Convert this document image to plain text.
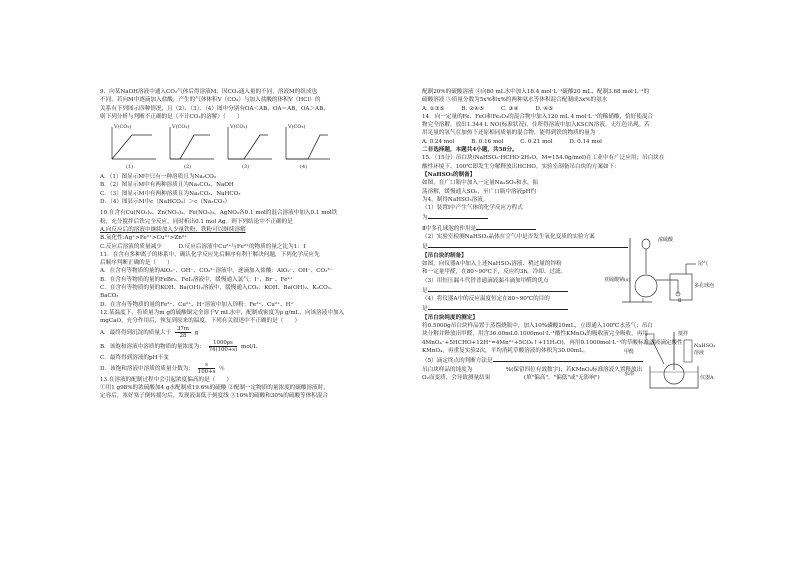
9．向某NaOH溶液中通入CO₂气体后得溶液M，因CO₂通入量的不同，溶液M的组成也
不同，若向M中逐滴加入盐酸，产生的气体体积V（CO₂）与加入盐酸的体积V（HCl）的
关系有下列图示四种情况，且（2）、（3）、（4）图中分别有OA＜AB，OA＝AB，OA＞AB，
则下列分析与判断不正确的是（不计CO₂的溶解）（　　）
V(CO₂)
(1)
V(CO₂)
(2)
V(CO₂)
(3)
V(CO₂)
(4)
A．（1）图显示M中只有一种溶质且为Na₂CO₃
B．（2）图显示M中有两种溶质且为Na₂CO₃、NaOH
C．（3）图显示M中有两种溶质且为Na₂CO₃、NaHCO₃
D．（4）图显示M中c（NaHCO₃）＞c（Na₂CO₃）
10.在含有Cu(NO₃)₂、Zn(NO₃)₂、Fe(NO₃)₃、AgNO₃各0.1 mol的混合溶液中加入0.1 mol铁
粉，充分搅拌后铁完全反应，同时析出0.1 mol Ag。则下列结论中不正确的是
A.向反应后的溶液中继续加入少量铁粉，铁粉可以继续溶解
B.氧化性:Ag⁺>Fe³⁺>Cu²⁺>Zn²⁺
C.反应后溶液的质量减少　　　D.反应后溶液中Cu²⁺与Fe²⁺的物质的量之比为1：1
11．在含有多种离子的体系中，确认化学反应先后顺序有利于解决问题，下列化学反应先
后顺序判断正确的是（　　）
A．在含有等物质的量的AlO₂⁻、OH⁻、CO₃²⁻溶液中，逐滴加入盐酸：AlO₂⁻、OH⁻、CO₃²⁻
B．在含有等物质的量的FeBr₂、FeI₂溶液中，缓慢通入氯气：I⁻、Br⁻、Fe²⁺
C．在含有等物质的量的KOH、Ba(OH)₂溶液中，缓慢通入CO₂：KOH、Ba(OH)₂、K₂CO₃、
BaCO₃
D．在含有等物质的量的Fe³⁺、Cu²⁺、H⁺溶液中加入锌粉：Fe³⁺、Cu²⁺、H⁺
12.某温度下，将质量为m g的硫酸铜完全溶于V mL水中，配制成密度为ρ g/mL，向该溶液中加入
mgCaO，充分作用后，恢复到原来的温度，下列有关叙述中不正确的是（　　）
A．最终得到沉淀的质量大于 $\frac{37m}{28}$ g
B．该饱和溶液中溶质的物质的量浓度为： $\frac{1000\rho s}{74(100+s)} mol/L$
C．最终得到溶液的pH不变
D．该饱和溶液中溶质的质量分数为： $\frac{s}{100+s}$ ％
13.在溶液的配制过程中会引起浓度偏高的是（　　）
①用1 g98%的浓硫酸加4 g水配制成19.6%的硫酸 ②配制一定物质的量浓度的硫酸溶液时，
定容后，塞好塞子倒转摇匀后，发现液面低于刻度线 ③10%的硫酸和30%的硫酸等体积混合
配制20%的硫酸溶液 ④向80 mL水中加入18.4 mol·L⁻¹硫酸20 mL，配制3.68 mol·L⁻¹的
硫酸溶液 ⑤质量分数为5x%和x%的两种氨水等体积混合配制成3x%的氨水
A. ①③⑤　　　B. ②④⑤　　　C. ③④　　　D. ④⑤
14．向一定量的Fe、FeO和Fe₂O₃的混合物中加入120 mL 4 mol·L⁻¹的稀硝酸，恰好使混合
物完全溶解，放出1.344 L NO(标准状况)，往所得溶液中加入KSCN溶液，无红色出现。若
用足量的氢气在加热下还原相同质量的混合物，能得到铁的物质的量为
A. 0.24 mol　　　B. 0.16 mol　　　C. 0.21 mol　　　D. 0.14 mol
二非选择题，本题共4小题，共58分。
15．（15分）吊白块(NaHSO₂·HCHO·2H₂O，M=154.0g/mol)在工业中有广泛应用；吊白块在
酸性环境下、100℃即发生分解释放出HCHO。实验室制备吊白块的方案如下：
【NaHSO₃的制备】
如图，在广口瓶中加入一定量Na₂SO₃和水，振
荡溶解，缓慢通入SO₂，至广口瓶中溶液pH约
为4，制得NaHSO₃溶液。
（1）装置Ⅰ中产生气体的化学反应方程式
为
Ⅱ中多孔球泡的作用是
（2）实验室检测NaHSO₃晶体在空气中是否发生氧化变质的实验方案
是
【吊白块的制备】
如图，向仪器A中加入上述NaHSO₃溶液、稍过量的锌粉
和一定量甲醛，在80~90℃下，反应约3h，冷却、过滤。
（3）用恒压漏斗代替普通滴液漏斗滴加甲醛的优点
是
（4）将仪器A中的反应温度恒定在80~90℃的目的
是
【吊白块纯度的测定】
将0.5000g吊白块样品置于蒸馏烧瓶中，加入10%磷酸10mL，立即通入100℃水蒸气；吊白
块分解并释放出甲醛，用含36.00mL0.1000mol·L⁻¹酸性KMnO₄的吸收液完全吸收，再用
4MnO₄⁻+5HCHO+12H⁺=4Mn²⁺+5CO₂↑+11H₂O)，再用0.1000mol·L⁻¹的草酸标准溶液滴定酸性
KMnO₄，再重复实验2次，平均消耗草酸溶液的体积为30.00mL。
（5）滴定终点的判断方法是
吊白块样品的纯度为　　　　　　%(保留四位有效数字)；若KMnO₄标准溶液久置释放出
O₂而变质，会导致测量结果　　　　　　(填"偏高"、"偏低"或"无影响")
浓硫酸
尾气
亚硫酸钠(s)
多孔球泡
Ⅰ	Ⅱ
搅拌
NaHSO₃
溶液
甲醛
水浴
仪器A
